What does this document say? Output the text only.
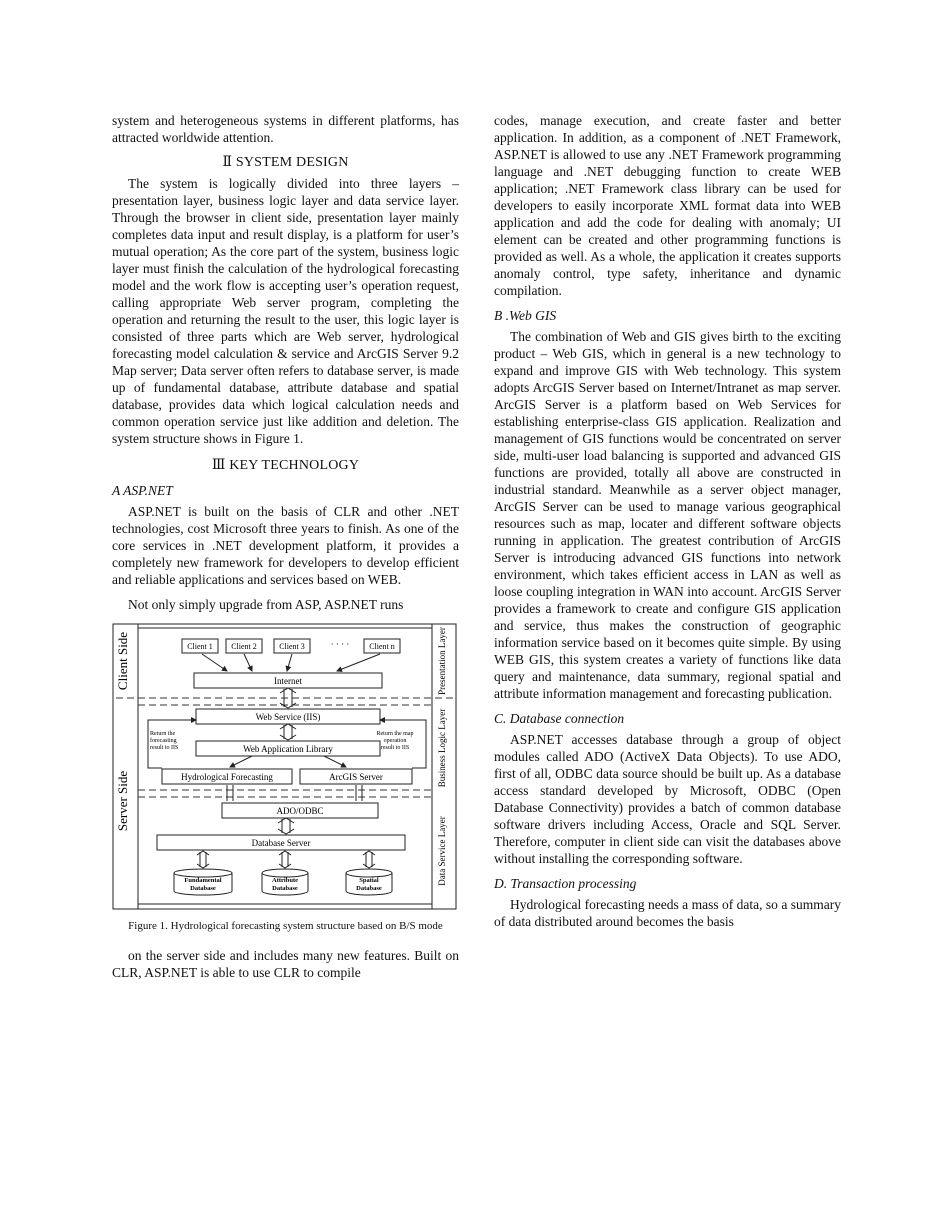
system and heterogeneous systems in different platforms, has attracted worldwide attention.

Ⅱ SYSTEM DESIGN

The system is logically divided into three layers – presentation layer, business logic layer and data service layer. Through the browser in client side, presentation layer mainly completes data input and result display, is a platform for user’s mutual operation; As the core part of the system, business logic layer must finish the calculation of the hydrological forecasting model and the work flow is accepting user’s operation request, calling appropriate Web server program, completing the operation and returning the result to the user, this logic layer is consisted of three parts which are Web server, hydrological forecasting model calculation & service and ArcGIS Server 9.2 Map server; Data server often refers to database server, is made up of fundamental database, attribute database and spatial database, provides data which logical calculation needs and common operation service just like addition and deletion. The system structure shows in Figure 1.

Ⅲ KEY TECHNOLOGY
A ASP.NET

ASP.NET is built on the basis of CLR and other .NET technologies, cost Microsoft three years to finish. As one of the core services in .NET development platform, it provides a completely new framework for developers to develop efficient and reliable applications and services based on WEB.

Not only simply upgrade from ASP, ASP.NET runs

Client Side
Server Side
Presentation Layer
Business Logic Layer
Data Service Layer
Client 1 Client 2	Client 3	· · · · Client n
Internet
Web Service (IIS)
Return the
forecasting
result to IIS
Return the map
operation
result to IIS
Web Application Library
Hydrological Forecasting	ArcGIS Server
ADO/ODBC
Database Server
Fundamental
Database
Attribute
Database
Spatial
Database
Figure 1. Hydrological forecasting system structure based on B/S mode

on the server side and includes many new features. Built on CLR, ASP.NET is able to use CLR to compile

codes, manage execution, and create faster and better application. In addition, as a component of .NET Framework, ASP.NET is allowed to use any .NET Framework programming language and .NET debugging function to create WEB application; .NET Framework class library can be used for developers to easily incorporate XML format data into WEB application and add the code for dealing with anomaly; UI element can be created and other programming functions is provided as well. As a whole, the application it creates supports anomaly control, type safety, inheritance and dynamic compilation.

B .Web GIS

The combination of Web and GIS gives birth to the exciting product – Web GIS, which in general is a new technology to expand and improve GIS with Web technology. This system adopts ArcGIS Server based on Internet/Intranet as map server. ArcGIS Server is a platform based on Web Services for establishing enterprise-class GIS application. Realization and management of GIS functions would be concentrated on server side, multi-user load balancing is supported and advanced GIS functions are provided, totally all above are constructed in industrial standard. Meanwhile as a server object manager, ArcGIS Server can be used to manage various geographical resources such as map, locater and different software objects running in application. The greatest contribution of ArcGIS Server is introducing advanced GIS functions into network environment, which takes efficient access in LAN as well as loose coupling integration in WAN into account. ArcGIS Server provides a framework to create and configure GIS application and service, thus makes the construction of geographic information service based on it becomes quite simple. By using WEB GIS, this system creates a variety of functions like data query and maintenance, data summary, regional spatial and attribute information management and forecasting publication.

C. Database connection

ASP.NET accesses database through a group of object modules called ADO (ActiveX Data Objects). To use ADO, first of all, ODBC data source should be built up. As a database access standard developed by Microsoft, ODBC (Open Database Connectivity) provides a batch of common database software drivers including Access, Oracle and SQL Server. Therefore, computer in client side can visit the databases above without installing the corresponding software.

D. Transaction processing

Hydrological forecasting needs a mass of data, so a summary of data distributed around becomes the basis
